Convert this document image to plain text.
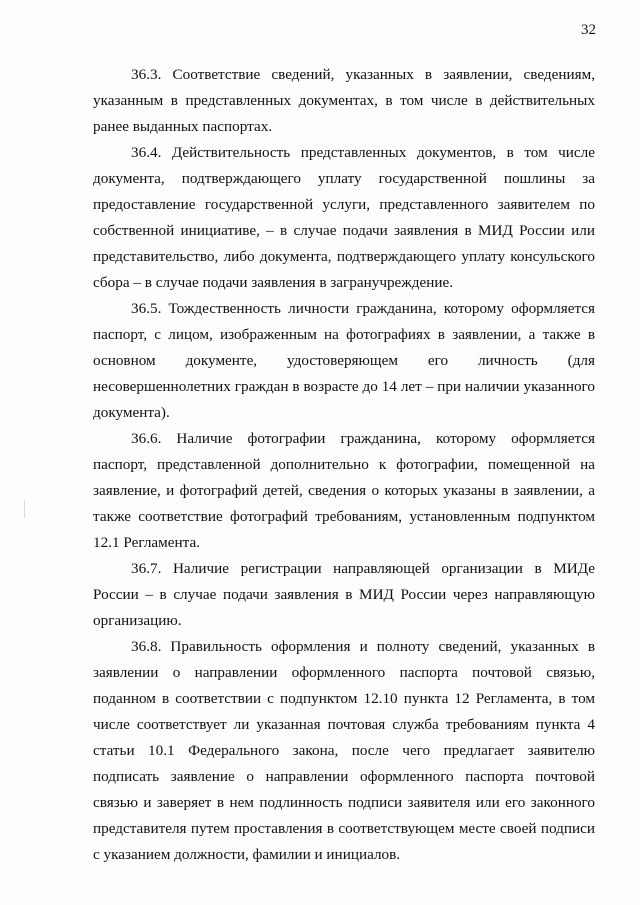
32

36.3. Соответствие сведений, указанных в заявлении, сведениям, указанным в представленных документах, в том числе в действительных ранее выданных паспортах.

36.4. Действительность представленных документов, в том числе документа, подтверждающего уплату государственной пошлины за предоставление государственной услуги, представленного заявителем по собственной инициативе, – в случае подачи заявления в МИД России или представительство, либо документа, подтверждающего уплату консульского сбора – в случае подачи заявления в загранучреждение.

36.5. Тождественность личности гражданина, которому оформляется паспорт, с лицом, изображенным на фотографиях в заявлении, а также в основном документе, удостоверяющем его личность (для несовершеннолетних граждан в возрасте до 14 лет – при наличии указанного документа).

36.6. Наличие фотографии гражданина, которому оформляется паспорт, представленной дополнительно к фотографии, помещенной на заявление, и фотографий детей, сведения о которых указаны в заявлении, а также соответствие фотографий требованиям, установленным подпунктом 12.1 Регламента.

36.7. Наличие регистрации направляющей организации в МИДе России – в случае подачи заявления в МИД России через направляющую организацию.

36.8. Правильность оформления и полноту сведений, указанных в заявлении о направлении оформленного паспорта почтовой связью, поданном в соответствии с подпунктом 12.10 пункта 12 Регламента, в том числе соответствует ли указанная почтовая служба требованиям пункта 4 статьи 10.1 Федерального закона, после чего предлагает заявителю подписать заявление о направлении оформленного паспорта почтовой связью и заверяет в нем подлинность подписи заявителя или его законного представителя путем проставления в соответствующем месте своей подписи с указанием должности, фамилии и инициалов.
